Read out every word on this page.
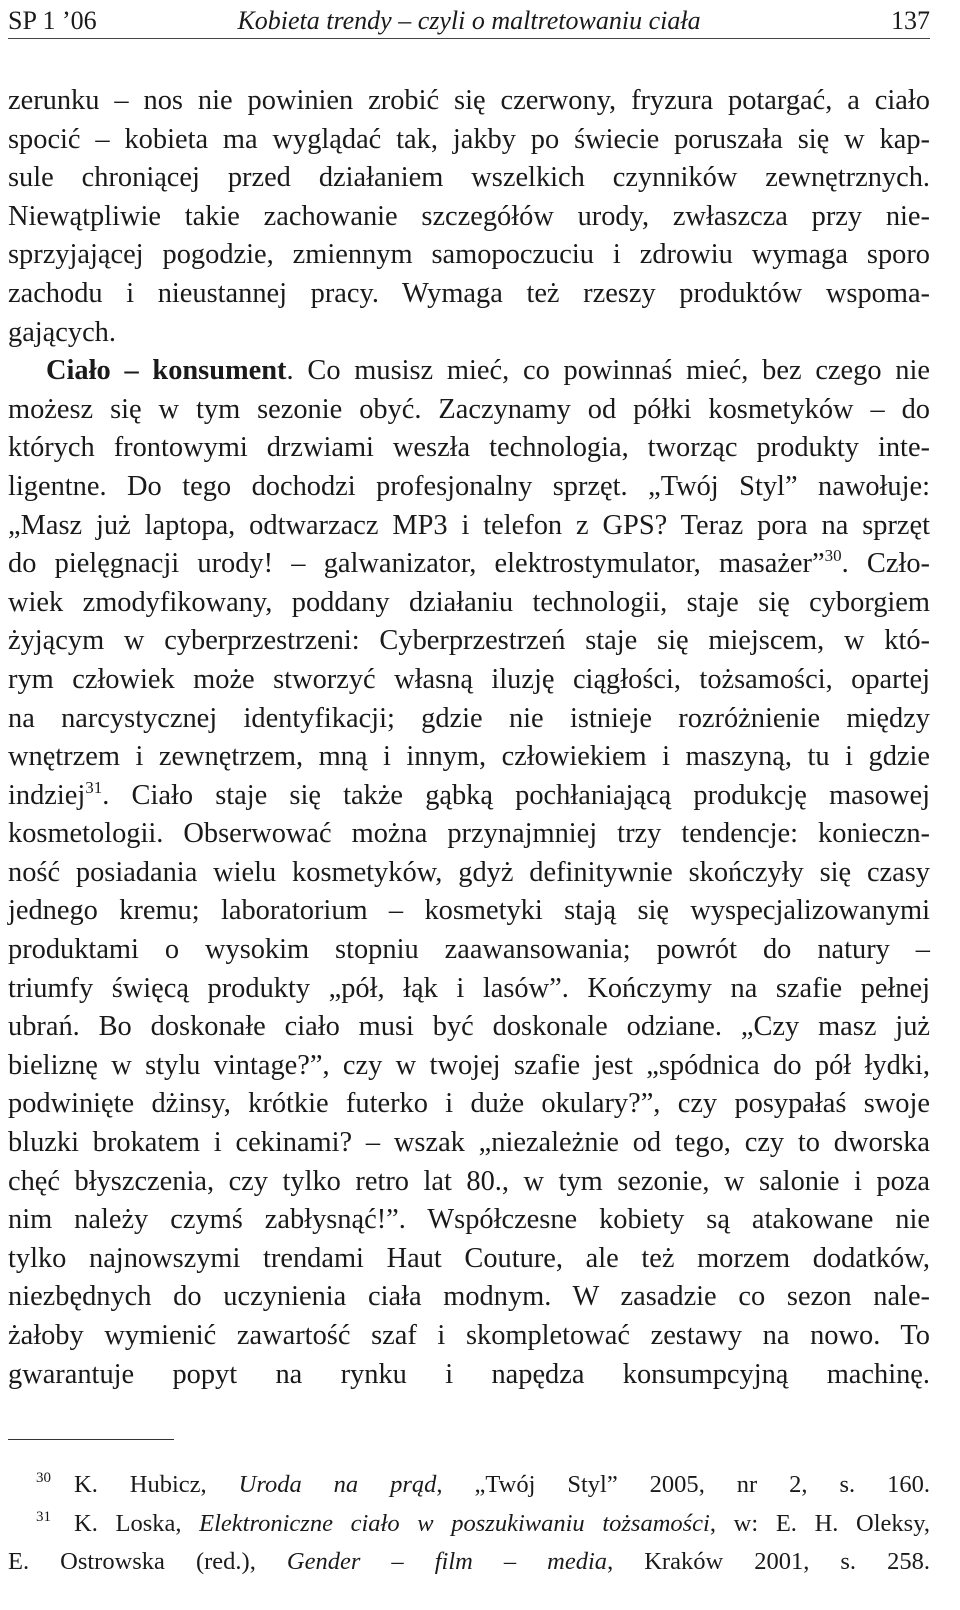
SP 1 ’06	Kobieta trendy – czyli o maltretowaniu ciała	137
zerunku – nos nie powinien zrobić się czerwony, fryzura potargać, a ciało
spocić – kobieta ma wyglądać tak, jakby po świecie poruszała się w kap-
sule chroniącej przed działaniem wszelkich czynników zewnętrznych.
Niewątpliwie takie zachowanie szczegółów urody, zwłaszcza przy nie-
sprzyjającej pogodzie, zmiennym samopoczuciu i zdrowiu wymaga sporo
zachodu i nieustannej pracy. Wymaga też rzeszy produktów wspoma-
gających.
Ciało – konsument. Co musisz mieć, co powinnaś mieć, bez czego nie
możesz się w tym sezonie obyć. Zaczynamy od półki kosmetyków – do
których frontowymi drzwiami weszła technologia, tworząc produkty inte-
ligentne. Do tego dochodzi profesjonalny sprzęt. „Twój Styl” nawołuje:
„Masz już laptopa, odtwarzacz MP3 i telefon z GPS? Teraz pora na sprzęt
do pielęgnacji urody! – galwanizator, elektrostymulator, masażer”$^{30}$. Czło-
wiek zmodyfikowany, poddany działaniu technologii, staje się cyborgiem
żyjącym w cyberprzestrzeni: Cyberprzestrzeń staje się miejscem, w któ-
rym człowiek może stworzyć własną iluzję ciągłości, tożsamości, opartej
na narcystycznej identyfikacji; gdzie nie istnieje rozróżnienie między
wnętrzem i zewnętrzem, mną i innym, człowiekiem i maszyną, tu i gdzie
indziej$^{31}$. Ciało staje się także gąbką pochłaniającą produkcję masowej
kosmetologii. Obserwować można przynajmniej trzy tendencje: konieczn-
ność posiadania wielu kosmetyków, gdyż definitywnie skończyły się czasy
jednego kremu; laboratorium – kosmetyki stają się wyspecjalizowanymi
produktami o wysokim stopniu zaawansowania; powrót do natury –
triumfy święcą produkty „pół, łąk i lasów”. Kończymy na szafie pełnej
ubrań. Bo doskonałe ciało musi być doskonale odziane. „Czy masz już
bieliznę w stylu vintage?”, czy w twojej szafie jest „spódnica do pół łydki,
podwinięte dżinsy, krótkie futerko i duże okulary?”, czy posypałaś swoje
bluzki brokatem i cekinami? – wszak „niezależnie od tego, czy to dworska
chęć błyszczenia, czy tylko retro lat 80., w tym sezonie, w salonie i poza
nim należy czymś zabłysnąć!”. Współczesne kobiety są atakowane nie
tylko najnowszymi trendami Haut Couture, ale też morzem dodatków,
niezbędnych do uczynienia ciała modnym. W zasadzie co sezon nale-
żałoby wymienić zawartość szaf i skompletować zestawy na nowo. To
gwarantuje popyt na rynku i napędza konsumpcyjną machinę.
30 K. Hubicz, Uroda na prąd, „Twój Styl” 2005, nr 2, s. 160.
31 K. Loska, Elektroniczne ciało w poszukiwaniu tożsamości, w: E. H. Oleksy,
E. Ostrowska (red.), Gender – film – media, Kraków 2001, s. 258.
